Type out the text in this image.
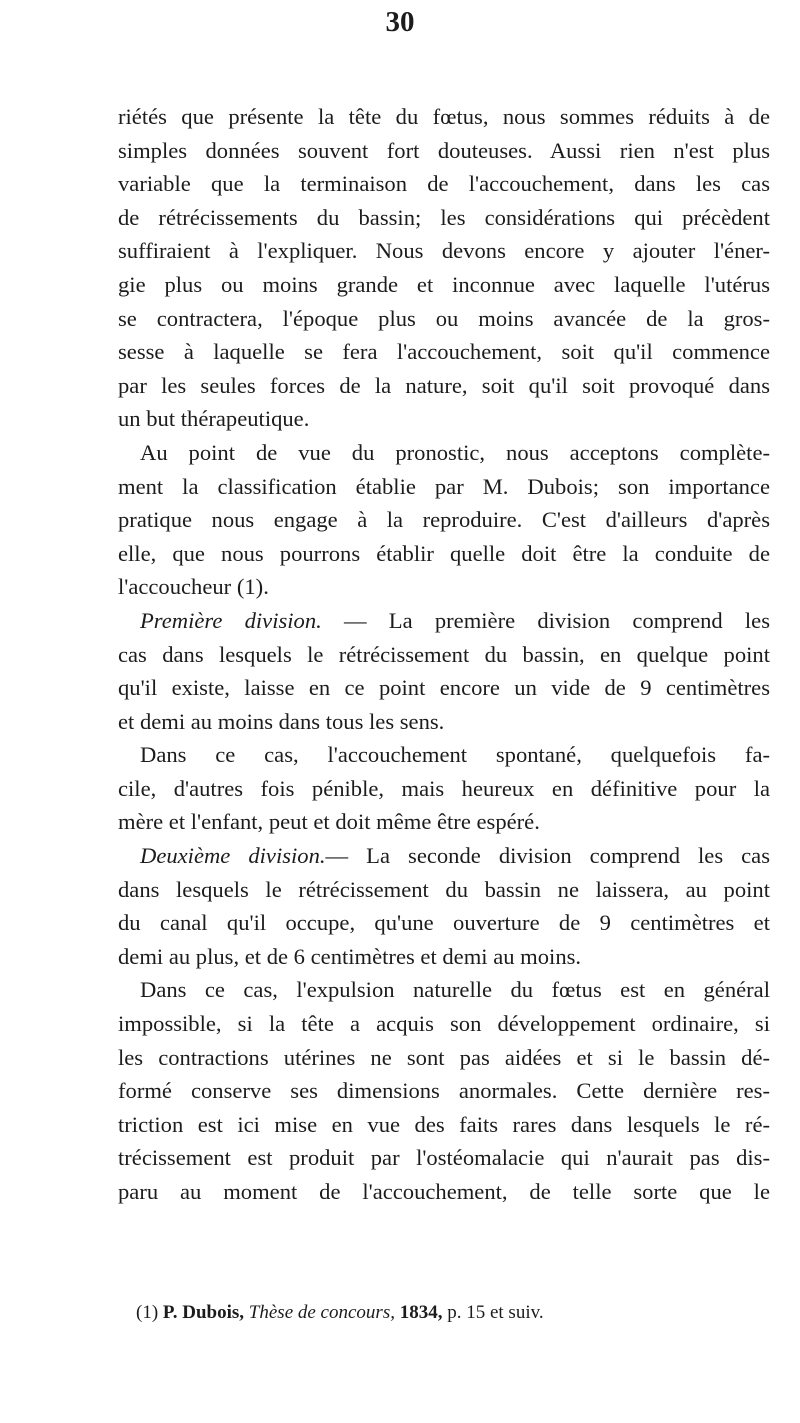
30
riétés que présente la tête du fœtus, nous sommes réduits à de
simples données souvent fort douteuses. Aussi rien n'est plus
variable que la terminaison de l'accouchement, dans les cas
de rétrécissements du bassin; les considérations qui précèdent
suffiraient à l'expliquer. Nous devons encore y ajouter l'éner-
gie plus ou moins grande et inconnue avec laquelle l'utérus
se contractera, l'époque plus ou moins avancée de la gros-
sesse à laquelle se fera l'accouchement, soit qu'il commence
par les seules forces de la nature, soit qu'il soit provoqué dans
un but thérapeutique.
Au point de vue du pronostic, nous acceptons complète-
ment la classification établie par M. Dubois; son importance
pratique nous engage à la reproduire. C'est d'ailleurs d'après
elle, que nous pourrons établir quelle doit être la conduite de
l'accoucheur (1).
Première division. — La première division comprend les
cas dans lesquels le rétrécissement du bassin, en quelque point
qu'il existe, laisse en ce point encore un vide de 9 centimètres
et demi au moins dans tous les sens.
Dans ce cas, l'accouchement spontané, quelquefois fa-
cile, d'autres fois pénible, mais heureux en définitive pour la
mère et l'enfant, peut et doit même être espéré.
Deuxième division.— La seconde division comprend les cas
dans lesquels le rétrécissement du bassin ne laissera, au point
du canal qu'il occupe, qu'une ouverture de 9 centimètres et
demi au plus, et de 6 centimètres et demi au moins.
Dans ce cas, l'expulsion naturelle du fœtus est en général
impossible, si la tête a acquis son développement ordinaire, si
les contractions utérines ne sont pas aidées et si le bassin dé-
formé conserve ses dimensions anormales. Cette dernière res-
triction est ici mise en vue des faits rares dans lesquels le ré-
trécissement est produit par l'ostéomalacie qui n'aurait pas dis-
paru au moment de l'accouchement, de telle sorte que le
(1) P. Dubois, Thèse de concours, 1834, p. 15 et suiv.
